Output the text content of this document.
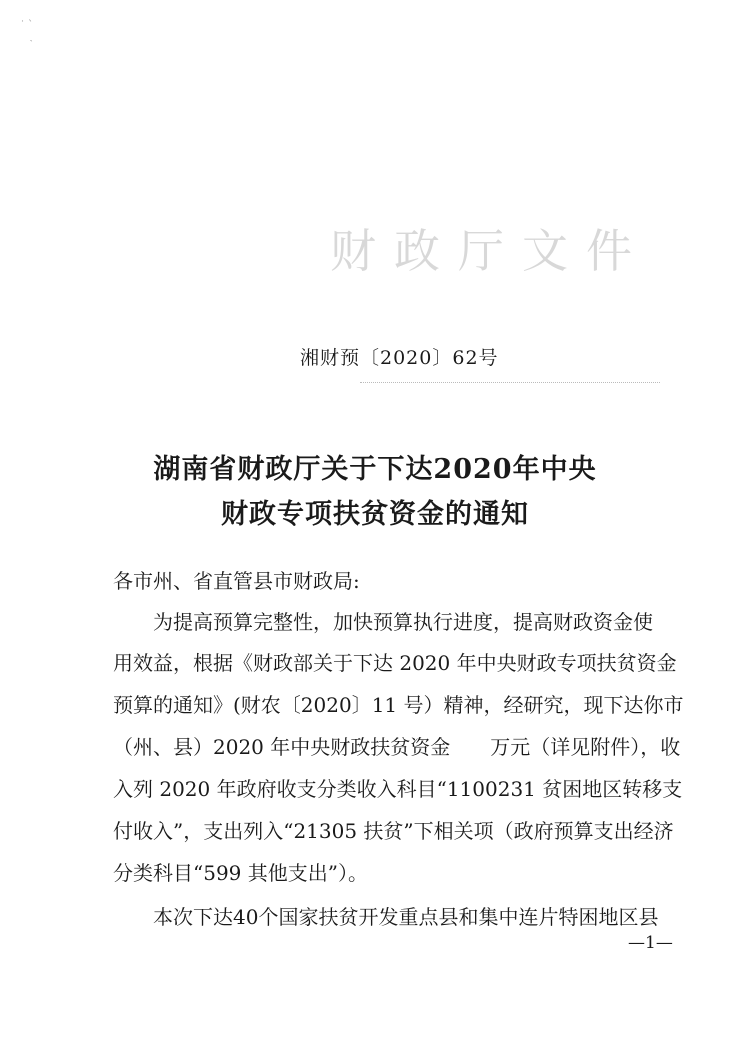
˙ ˋ
ˎ
财政厅文件
湘财预〔2020〕62号
湖南省财政厅关于下达2020年中央
财政专项扶贫资金的通知
各市州、省直管县市财政局:
为提高预算完整性，加快预算执行进度，提高财政资金使
用效益，根据《财政部关于下达 2020 年中央财政专项扶贫资金
预算的通知》(财农〔2020〕11 号）精神，经研究，现下达你市
（州、县）2020 年中央财政扶贫资金　　万元（详见附件），收
入列 2020 年政府收支分类收入科目“1100231 贫困地区转移支
付收入”，支出列入“21305 扶贫”下相关项（政府预算支出经济
分类科目“599 其他支出”）。
本次下达40个国家扶贫开发重点县和集中连片特困地区县
—1—
